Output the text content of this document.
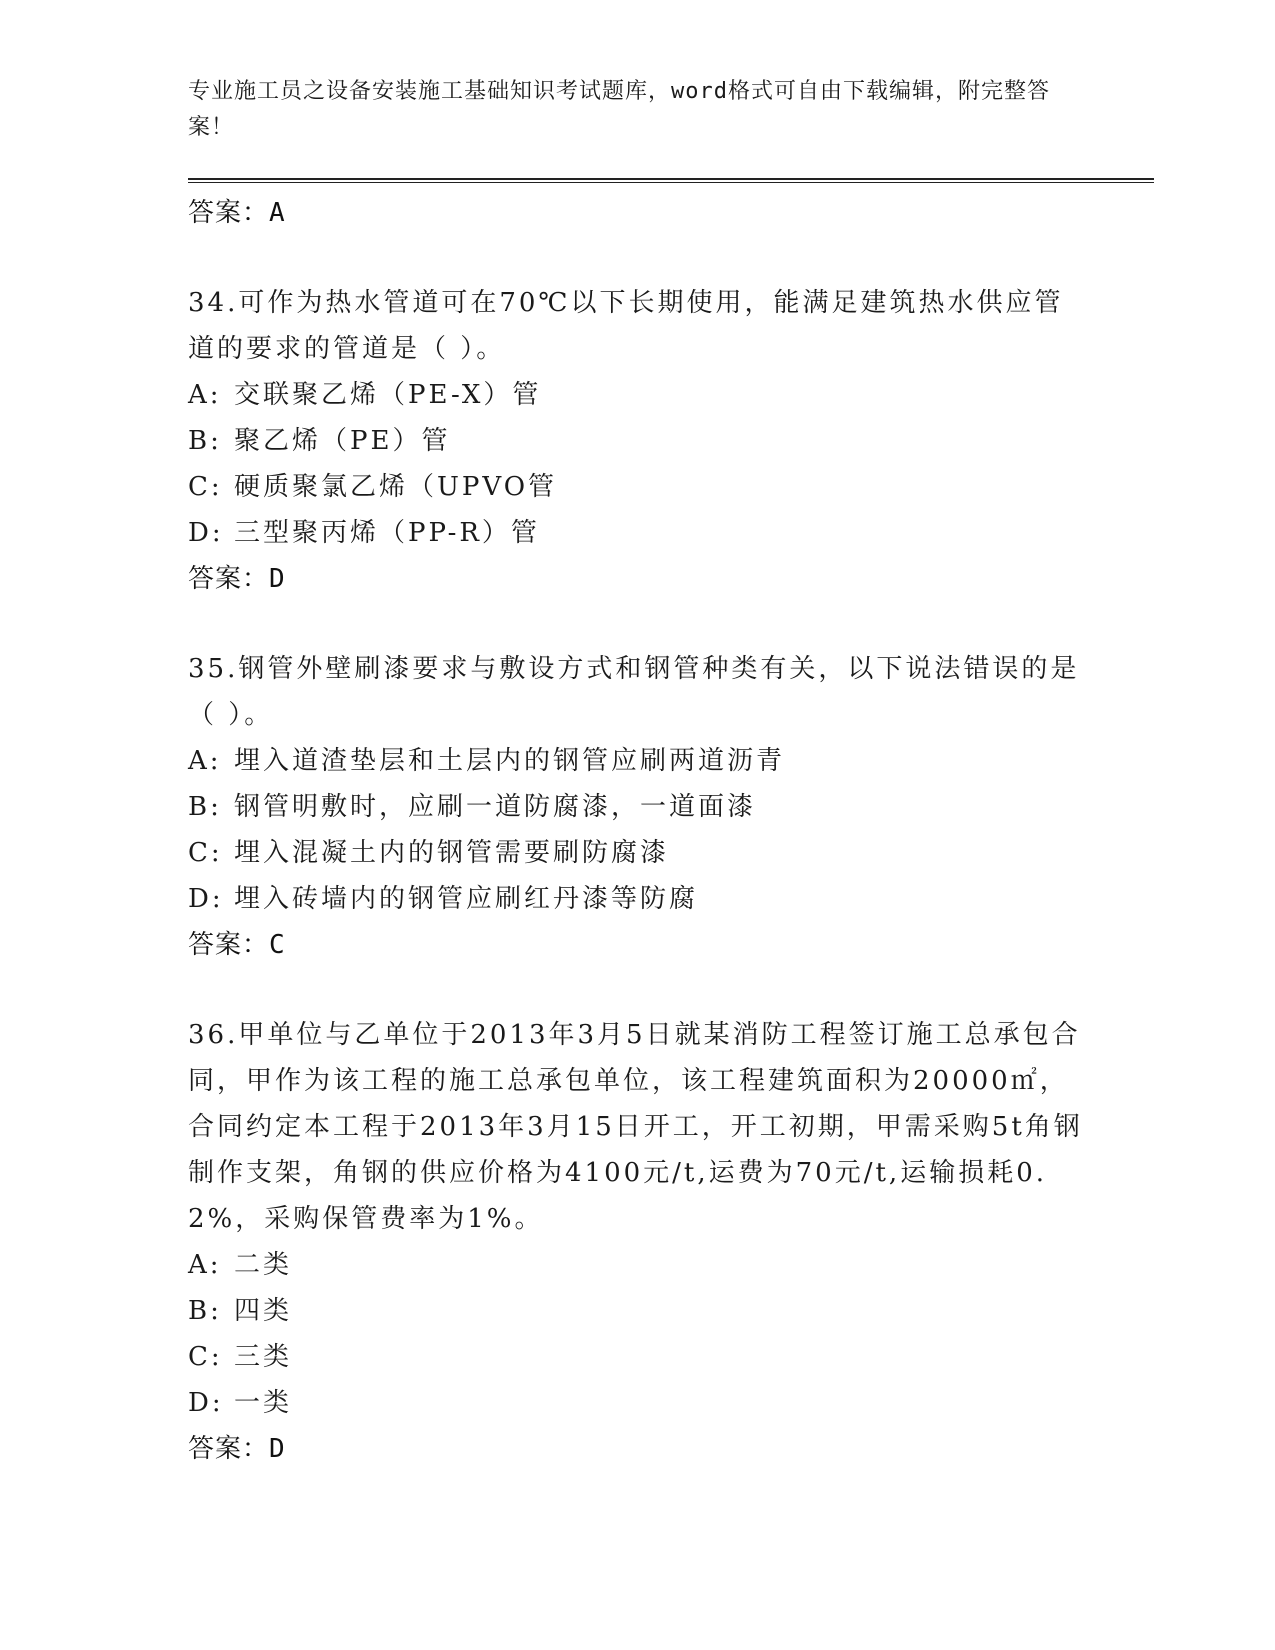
专业施工员之设备安装施工基础知识考试题库，word格式可自由下载编辑，附完整答案！
答案：A
34.可作为热水管道可在70℃以下长期使用，能满足建筑热水供应管道的要求的管道是（ ）。
A: 交联聚乙烯（PE-X）管
B: 聚乙烯（PE）管
C: 硬质聚氯乙烯（UPVO管
D: 三型聚丙烯（PP-R）管
答案：D
35.钢管外壁刷漆要求与敷设方式和钢管种类有关，以下说法错误的是（ ）。
A: 埋入道渣垫层和土层内的钢管应刷两道沥青
B: 钢管明敷时，应刷一道防腐漆，一道面漆
C: 埋入混凝土内的钢管需要刷防腐漆
D: 埋入砖墙内的钢管应刷红丹漆等防腐
答案：C
36.甲单位与乙单位于2013年3月5日就某消防工程签订施工总承包合同，甲作为该工程的施工总承包单位，该工程建筑面积为20000㎡，合同约定本工程于2013年3月15日开工，开工初期，甲需采购5t角钢制作支架，角钢的供应价格为4100元/t,运费为70元/t,运输损耗0.2%，采购保管费率为1%。
A: 二类
B: 四类
C: 三类
D: 一类
答案：D
